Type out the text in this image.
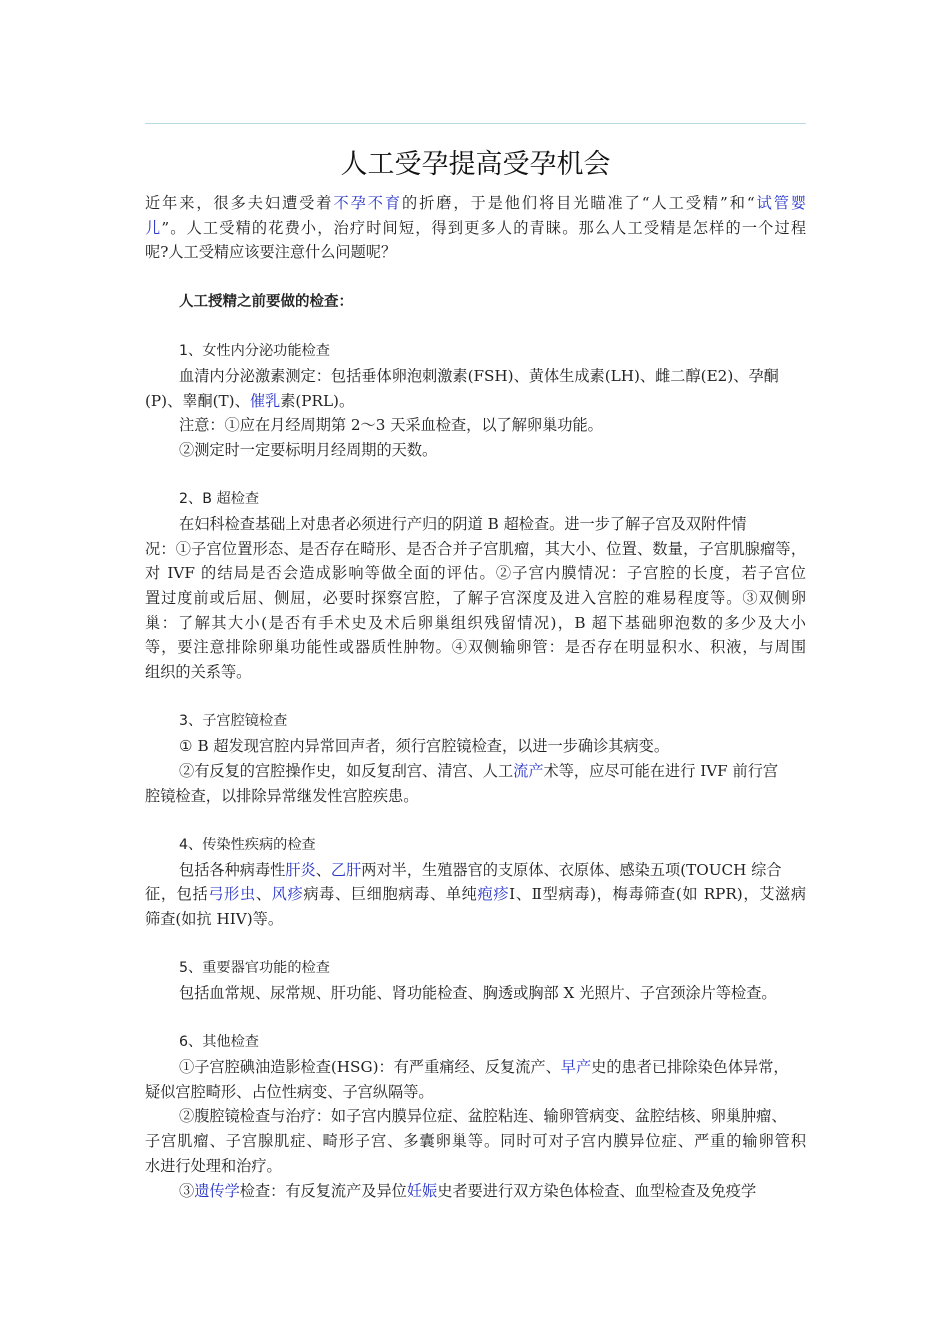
人工受孕提高受孕机会
近年来，很多夫妇遭受着不孕不育的折磨，于是他们将目光瞄准了“人工受精”和“试管婴
儿”。人工受精的花费小，治疗时间短，得到更多人的青睐。那么人工受精是怎样的一个过程
呢?人工受精应该要注意什么问题呢？
人工授精之前要做的检查：
1、女性内分泌功能检查
血清内分泌激素测定：包括垂体卵泡刺激素(FSH)、黄体生成素(LH)、雌二醇(E2)、孕酮
(P)、睾酮(T)、催乳素(PRL)。
注意：①应在月经周期第 2～3 天采血检查，以了解卵巢功能。
②测定时一定要标明月经周期的天数。
2、B 超检查
在妇科检查基础上对患者必须进行产归的阴道 B 超检查。进一步了解子宫及双附件情
况：①子宫位置形态、是否存在畸形、是否合并子宫肌瘤，其大小、位置、数量，子宫肌腺瘤等，
对 IVF 的结局是否会造成影响等做全面的评估。②子宫内膜情况：子宫腔的长度，若子宫位
置过度前或后屈、侧屈，必要时探察宫腔，了解子宫深度及进入宫腔的难易程度等。③双侧卵
巢：了解其大小(是否有手术史及术后卵巢组织残留情况)，B 超下基础卵泡数的多少及大小
等，要注意排除卵巢功能性或器质性肿物。④双侧输卵管：是否存在明显积水、积液，与周围
组织的关系等。
3、子宫腔镜检查
① B 超发现宫腔内异常回声者，须行宫腔镜检查，以进一步确诊其病变。
②有反复的宫腔操作史，如反复刮宫、清宫、人工流产术等，应尽可能在进行 IVF 前行宫
腔镜检查，以排除异常继发性宫腔疾患。
4、传染性疾病的检查
包括各种病毒性肝炎、乙肝两对半，生殖器官的支原体、衣原体、感染五项(TOUCH 综合
征，包括弓形虫、风疹病毒、巨细胞病毒、单纯疱疹Ⅰ、Ⅱ型病毒)，梅毒筛查(如 RPR)，艾滋病
筛查(如抗 HIV)等。
5、重要器官功能的检查
包括血常规、尿常规、肝功能、肾功能检查、胸透或胸部 X 光照片、子宫颈涂片等检查。
6、其他检查
①子宫腔碘油造影检查(HSG)：有严重痛经、反复流产、早产史的患者已排除染色体异常，
疑似宫腔畸形、占位性病变、子宫纵隔等。
②腹腔镜检查与治疗：如子宫内膜异位症、盆腔粘连、输卵管病变、盆腔结核、卵巢肿瘤、
子宫肌瘤、子宫腺肌症、畸形子宫、多囊卵巢等。同时可对子宫内膜异位症、严重的输卵管积
水进行处理和治疗。
③遗传学检查：有反复流产及异位妊娠史者要进行双方染色体检查、血型检查及免疫学
